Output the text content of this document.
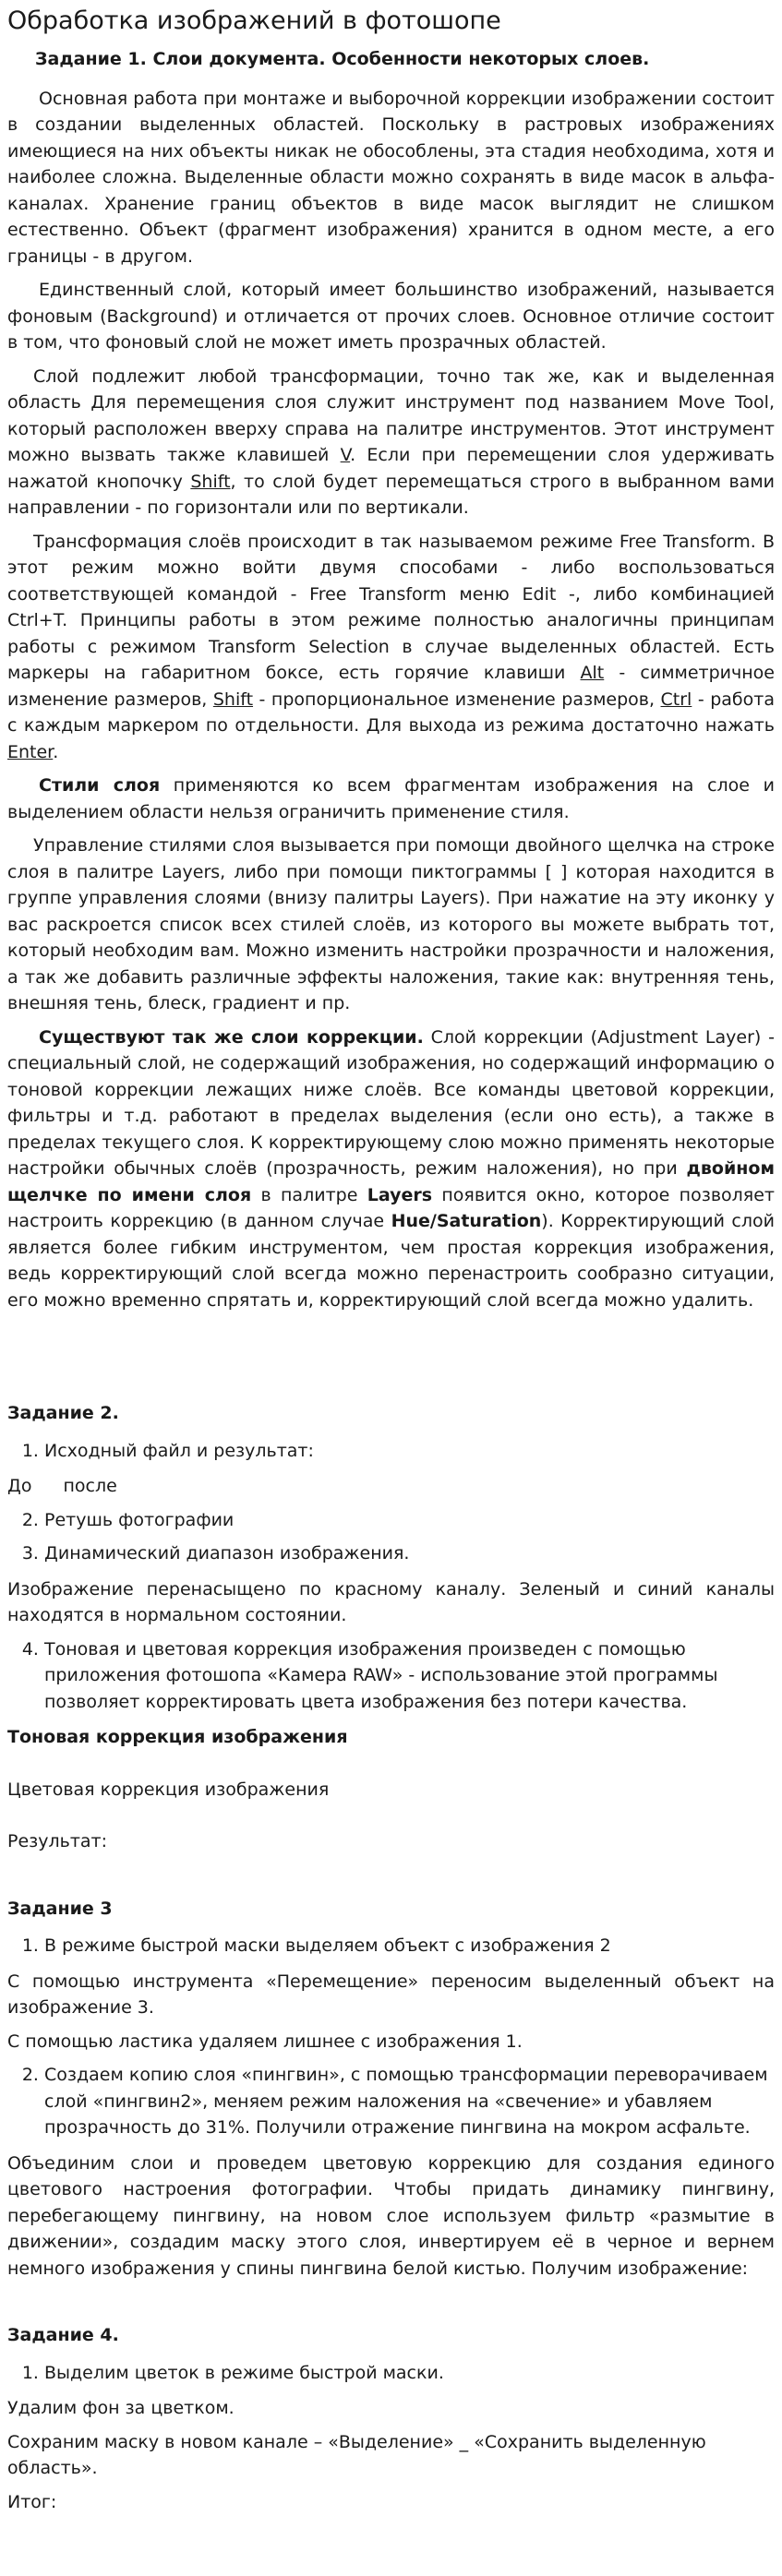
Обработка изображений в фотошопе

Задание 1. Слои документа. Особенности некоторых слоев.

Основная работа при монтаже и выборочной коррекции изображении состоит в создании выделенных областей. Поскольку в растровых изображениях имеющиеся на них объекты никак не обособлены, эта стадия необходима, хотя и наиболее сложна. Выделенные области можно сохранять в виде масок в альфа-каналах. Хранение границ объектов в виде масок выглядит не слишком естественно. Объект (фрагмент изображения) хранится в одном месте, а его границы - в другом.

Единственный слой, который имеет большинство изображений, называется фоновым (Background) и отличается от прочих слоев. Основное отличие состоит в том, что фоновый слой не может иметь прозрачных областей.

Слой подлежит любой трансформации, точно так же, как и выделенная область Для перемещения слоя служит инструмент под названием Move Tool, который расположен вверху справа на палитре инструментов. Этот инструмент можно вызвать также клавишей V. Если при перемещении слоя удерживать нажатой кнопочку Shift, то слой будет перемещаться строго в выбранном вами направлении - по горизонтали или по вертикали.

Трансформация слоёв происходит в так называемом режиме Free Transform. В этот режим можно войти двумя способами - либо воспользоваться соответствующей командой - Free Transform меню Edit -, либо комбинацией Ctrl+T. Принципы работы в этом режиме полностью аналогичны принципам работы с режимом Transform Selection в случае выделенных областей. Есть маркеры на габаритном боксе, есть горячие клавиши Alt - симметричное изменение размеров, Shift - пропорциональное изменение размеров, Ctrl - работа с каждым маркером по отдельности. Для выхода из режима достаточно нажать Enter.

Стили слоя применяются ко всем фрагментам изображения на слое и выделением области нельзя ограничить применение стиля.

Управление стилями слоя вызывается при помощи двойного щелчка на строке слоя в палитре Layers, либо при помощи пиктограммы [ ] которая находится в группе управления слоями (внизу палитры Layers). При нажатие на эту иконку у вас раскроется список всех стилей слоёв, из которого вы можете выбрать тот, который необходим вам. Можно изменить настройки прозрачности и наложения, а так же добавить различные эффекты наложения, такие как: внутренняя тень, внешняя тень, блеск, градиент и пр.

Существуют так же слои коррекции. Слой коррекции (Adjustment Layer) - специальный слой, не содержащий изображения, но содержащий информацию о тоновой коррекции лежащих ниже слоёв. Все команды цветовой коррекции, фильтры и т.д. работают в пределах выделения (если оно есть), а также в пределах текущего слоя. К корректирующему слою можно применять некоторые настройки обычных слоёв (прозрачность, режим наложения), но при двойном щелчке по имени слоя в палитре Layers появится окно, которое позволяет настроить коррекцию (в данном случае Hue/Saturation). Корректирующий слой является более гибким инструментом, чем простая коррекция изображения, ведь корректирующий слой всегда можно перенастроить сообразно ситуации, его можно временно спрятать и, корректирующий слой всегда можно удалить.

Задание 2.
1. Исходный файл и результат:

До после

2. Ретушь фотографии
3. Динамический диапазон изображения.

Изображение перенасыщено по красному каналу. Зеленый и синий каналы находятся в нормальном состоянии.

4. Тоновая и цветовая коррекция изображения произведен с помощью приложения фотошопа «Камера RAW» - использование этой программы позволяет корректировать цвета изображения без потери качества.

Тоновая коррекция изображения

Цветовая коррекция изображения

Результат:

Задание 3
1. В режиме быстрой маски выделяем объект с изображения 2

С помощью инструмента «Перемещение» переносим выделенный объект на изображение 3.

С помощью ластика удаляем лишнее с изображения 1.

2. Создаем копию слоя «пингвин», с помощью трансформации переворачиваем слой «пингвин2», меняем режим наложения на «свечение» и убавляем прозрачность до 31%. Получили отражение пингвина на мокром асфальте.

Объединим слои и проведем цветовую коррекцию для создания единого цветового настроения фотографии. Чтобы придать динамику пингвину, перебегающему пингвину, на новом слое используем фильтр «размытие в движении», создадим маску этого слоя, инвертируем её в черное и вернем немного изображения у спины пингвина белой кистью. Получим изображение:

Задание 4.
1. Выделим цветок в режиме быстрой маски.

Удалим фон за цветком.

Сохраним маску в новом канале – «Выделение» _ «Сохранить выделенную область».

Итог:
